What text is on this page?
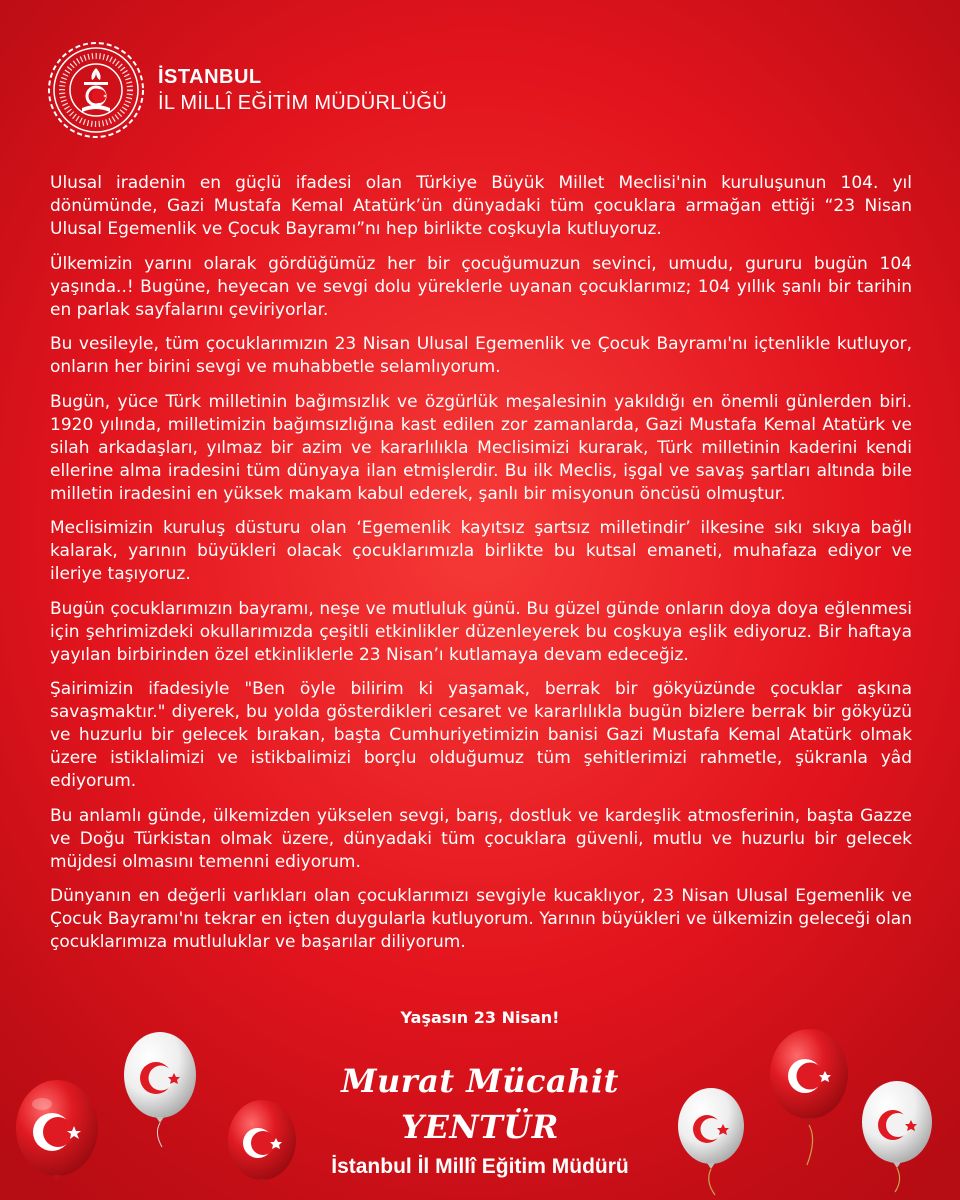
İSTANBUL
İL MİLLÎ EĞİTİM MÜDÜRLÜĞÜ

Ulusal iradenin en güçlü ifadesi olan Türkiye Büyük Millet Meclisi'nin kuruluşunun 104. yıl dönümünde, Gazi Mustafa Kemal Atatürk’ün dünyadaki tüm çocuklara armağan ettiği “23 Nisan Ulusal Egemenlik ve Çocuk Bayramı”nı hep birlikte coşkuyla kutluyoruz.

Ülkemizin yarını olarak gördüğümüz her bir çocuğumuzun sevinci, umudu, gururu bugün 104 yaşında..! Bugüne, heyecan ve sevgi dolu yüreklerle uyanan çocuklarımız; 104 yıllık şanlı bir tarihin en parlak sayfalarını çeviriyorlar.

Bu vesileyle, tüm çocuklarımızın 23 Nisan Ulusal Egemenlik ve Çocuk Bayramı'nı içtenlikle kutluyor, onların her birini sevgi ve muhabbetle selamlıyorum.

Bugün, yüce Türk milletinin bağımsızlık ve özgürlük meşalesinin yakıldığı en önemli günlerden biri. 1920 yılında, milletimizin bağımsızlığına kast edilen zor zamanlarda, Gazi Mustafa Kemal Atatürk ve silah arkadaşları, yılmaz bir azim ve kararlılıkla Meclisimizi kurarak, Türk milletinin kaderini kendi ellerine alma iradesini tüm dünyaya ilan etmişlerdir. Bu ilk Meclis, işgal ve savaş şartları altında bile milletin iradesini en yüksek makam kabul ederek, şanlı bir misyonun öncüsü olmuştur.

Meclisimizin kuruluş düsturu olan ‘Egemenlik kayıtsız şartsız milletindir’ ilkesine sıkı sıkıya bağlı kalarak, yarının büyükleri olacak çocuklarımızla birlikte bu kutsal emaneti, muhafaza ediyor ve ileriye taşıyoruz.

Bugün çocuklarımızın bayramı, neşe ve mutluluk günü. Bu güzel günde onların doya doya eğlenmesi için şehrimizdeki okullarımızda çeşitli etkinlikler düzenleyerek bu coşkuya eşlik ediyoruz. Bir haftaya yayılan birbirinden özel etkinliklerle 23 Nisan’ı kutlamaya devam edeceğiz.

Şairimizin ifadesiyle "Ben öyle bilirim ki yaşamak, berrak bir gökyüzünde çocuklar aşkına savaşmaktır." diyerek, bu yolda gösterdikleri cesaret ve kararlılıkla bugün bizlere berrak bir gökyüzü ve huzurlu bir gelecek bırakan, başta Cumhuriyetimizin banisi Gazi Mustafa Kemal Atatürk olmak üzere istiklalimizi ve istikbalimizi borçlu olduğumuz tüm şehitlerimizi rahmetle, şükranla yâd ediyorum.

Bu anlamlı günde, ülkemizden yükselen sevgi, barış, dostluk ve kardeşlik atmosferinin, başta Gazze ve Doğu Türkistan olmak üzere, dünyadaki tüm çocuklara güvenli, mutlu ve huzurlu bir gelecek müjdesi olmasını temenni ediyorum.

Dünyanın en değerli varlıkları olan çocuklarımızı sevgiyle kucaklıyor, 23 Nisan Ulusal Egemenlik ve Çocuk Bayramı'nı tekrar en içten duygularla kutluyorum. Yarının büyükleri ve ülkemizin geleceği olan çocuklarımıza mutluluklar ve başarılar diliyorum.

Yaşasın 23 Nisan!
Murat Mücahit YENTÜR
İstanbul İl Millî Eğitim Müdürü
